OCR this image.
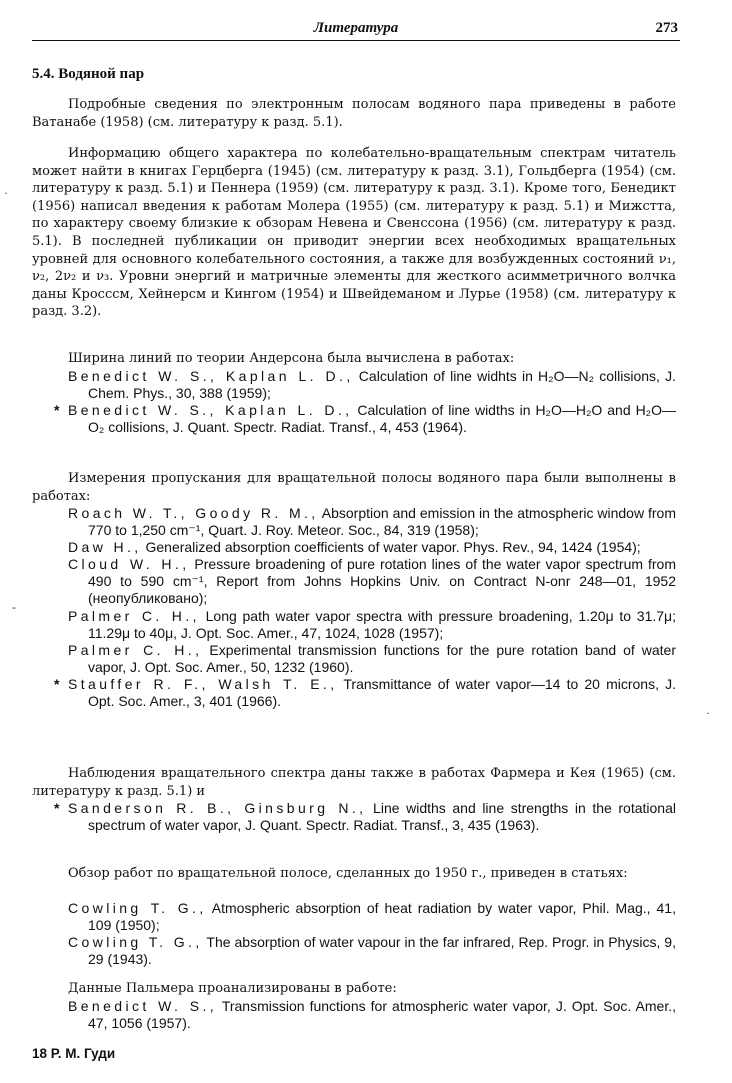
Литература	273
5.4. Водяной пар

Подробные сведения по электронным полосам водяного пара приведены в работе Ватанабе (1958) (см. литературу к разд. 5.1).

Информацию общего характера по колебательно-вращательным спектрам читатель может найти в книгах Герцберга (1945) (см. литературу к разд. 3.1), Гольдберга (1954) (см. литературу к разд. 5.1) и Пеннера (1959) (см. литературу к разд. 3.1). Кроме того, Бенедикт (1956) написал введения к работам Молера (1955) (см. литературу к разд. 5.1) и Мижстта, по характеру своему близкие к обзорам Невена и Свенссона (1956) (см. литературу к разд. 5.1). В последней публикации он приводит энергии всех необходимых вращательных уровней для основного колебательного состояния, а также для возбужденных состояний ν₁, ν₂, 2ν₂ и ν₃. Уровни энергий и матричные элементы для жесткого асимметричного волчка даны Кросссм, Хейнерсм и Кингом (1954) и Швейдеманом и Лурье (1958) (см. литературу к разд. 3.2).

Ширина линий по теории Андерсона была вычислена в работах:

Benedict W. S., Kaplan L. D., Calculation of line widhts in H₂O—N₂ collisions, J. Chem. Phys., 30, 388 (1959);
* Benedict W. S., Kaplan L. D., Calculation of line widths in H₂O—H₂O and H₂O—O₂ collisions, J. Quant. Spectr. Radiat. Transf., 4, 453 (1964).

Измерения пропускания для вращательной полосы водяного пара были выполнены в работах:

Roach W. T., Goody R. M., Absorption and emission in the atmospheric window from 770 to 1,250 cm⁻¹, Quart. J. Roy. Meteor. Soc., 84, 319 (1958);
Daw H., Generalized absorption coefficients of water vapor. Phys. Rev., 94, 1424 (1954);
Cloud W. H., Pressure broadening of pure rotation lines of the water vapor spectrum from 490 to 590 cm⁻¹, Report from Johns Hopkins Univ. on Contract N-onr 248—01, 1952 (неопубликовано);
Palmer C. H., Long path water vapor spectra with pressure broadening, 1.20μ to 31.7μ; 11.29μ to 40μ, J. Opt. Soc. Amer., 47, 1024, 1028 (1957);
Palmer C. H., Experimental transmission functions for the pure rotation band of water vapor, J. Opt. Soc. Amer., 50, 1232 (1960).
* Stauffer R. F., Walsh T. E., Transmittance of water vapor—14 to 20 microns, J. Opt. Soc. Amer., 3, 401 (1966).

Наблюдения вращательного спектра даны также в работах Фармера и Кея (1965) (см. литературу к разд. 5.1) и

* Sanderson R. B., Ginsburg N., Line widths and line strengths in the rotational spectrum of water vapor, J. Quant. Spectr. Radiat. Transf., 3, 435 (1963).

Обзор работ по вращательной полосе, сделанных до 1950 г., приведен в статьях:

Cowling T. G., Atmospheric absorption of heat radiation by water vapor, Phil. Mag., 41, 109 (1950);
Cowling T. G., The absorption of water vapour in the far infrared, Rep. Progr. in Physics, 9, 29 (1943).

Данные Пальмера проанализированы в работе:

Benedict W. S., Transmission functions for atmospheric water vapor, J. Opt. Soc. Amer., 47, 1056 (1957).
18 Р. М. Гуди
·
-
·
